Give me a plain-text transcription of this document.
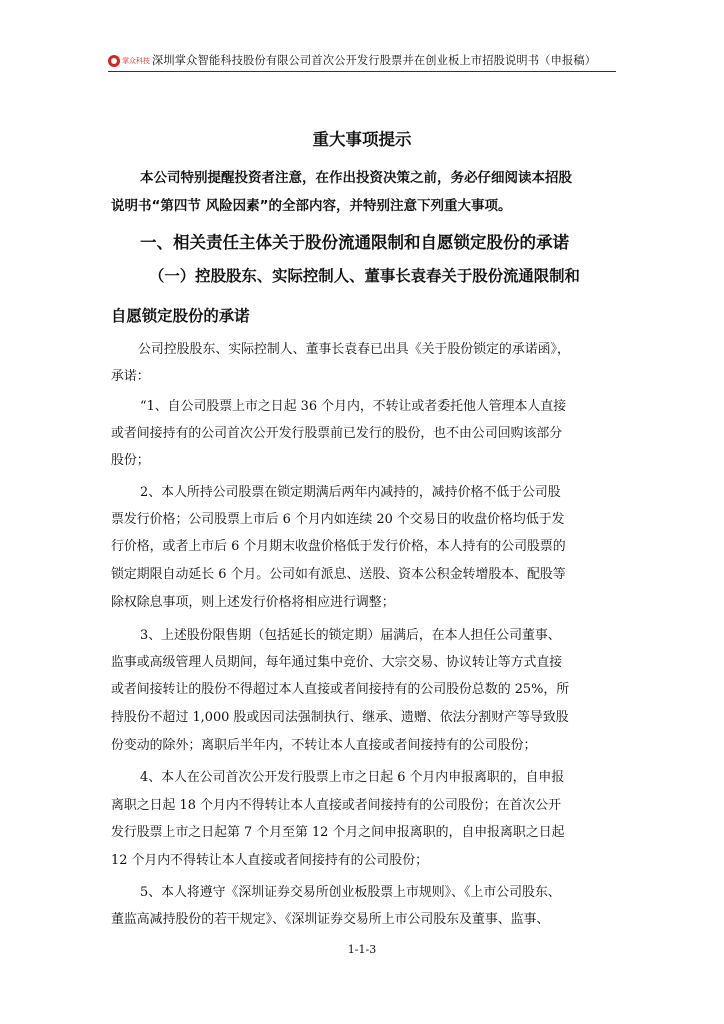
掌众科技 深圳掌众智能科技股份有限公司首次公开发行股票并在创业板上市招股说明书（申报稿）
重大事项提示
本公司特别提醒投资者注意，在作出投资决策之前，务必仔细阅读本招股
说明书“第四节 风险因素”的全部内容，并特别注意下列重大事项。
一、相关责任主体关于股份流通限制和自愿锁定股份的承诺
（一）控股股东、实际控制人、董事长袁春关于股份流通限制和
自愿锁定股份的承诺
公司控股股东、实际控制人、董事长袁春已出具《关于股份锁定的承诺函》，
承诺：
“1、自公司股票上市之日起 36 个月内，不转让或者委托他人管理本人直接
或者间接持有的公司首次公开发行股票前已发行的股份，也不由公司回购该部分
股份；
2、本人所持公司股票在锁定期满后两年内减持的，减持价格不低于公司股
票发行价格；公司股票上市后 6 个月内如连续 20 个交易日的收盘价格均低于发
行价格，或者上市后 6 个月期末收盘价格低于发行价格，本人持有的公司股票的
锁定期限自动延长 6 个月。公司如有派息、送股、资本公积金转增股本、配股等
除权除息事项，则上述发行价格将相应进行调整；
3、上述股份限售期（包括延长的锁定期）届满后，在本人担任公司董事、
监事或高级管理人员期间，每年通过集中竞价、大宗交易、协议转让等方式直接
或者间接转让的股份不得超过本人直接或者间接持有的公司股份总数的 25%，所
持股份不超过 1,000 股或因司法强制执行、继承、遗赠、依法分割财产等导致股
份变动的除外；离职后半年内，不转让本人直接或者间接持有的公司股份；
4、本人在公司首次公开发行股票上市之日起 6 个月内申报离职的，自申报
离职之日起 18 个月内不得转让本人直接或者间接持有的公司股份；在首次公开
发行股票上市之日起第 7 个月至第 12 个月之间申报离职的，自申报离职之日起
12 个月内不得转让本人直接或者间接持有的公司股份；
5、本人将遵守《深圳证券交易所创业板股票上市规则》、《上市公司股东、
董监高减持股份的若干规定》、《深圳证券交易所上市公司股东及董事、监事、
1-1-3
